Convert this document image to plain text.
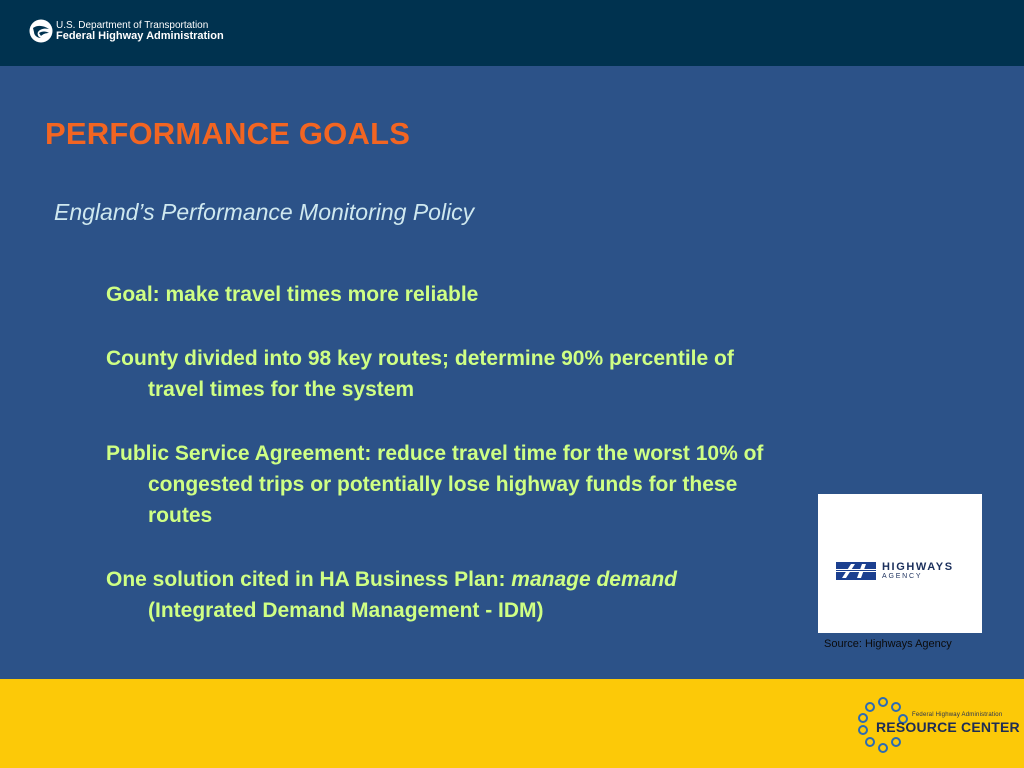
U.S. Department of Transportation
Federal Highway Administration
PERFORMANCE GOALS

England’s Performance Monitoring Policy

Goal: make travel times more reliable
County divided into 98 key routes; determine 90% percentile of travel times for the system
Public Service Agreement: reduce travel time for the worst 10% of congested trips or potentially lose highway funds for these routes
One solution cited in HA Business Plan: manage demand (Integrated Demand Management - IDM)
HIGHWAYS
AGENCY
Source: Highways Agency
Federal Highway Administration
RESOURCE CENTER
